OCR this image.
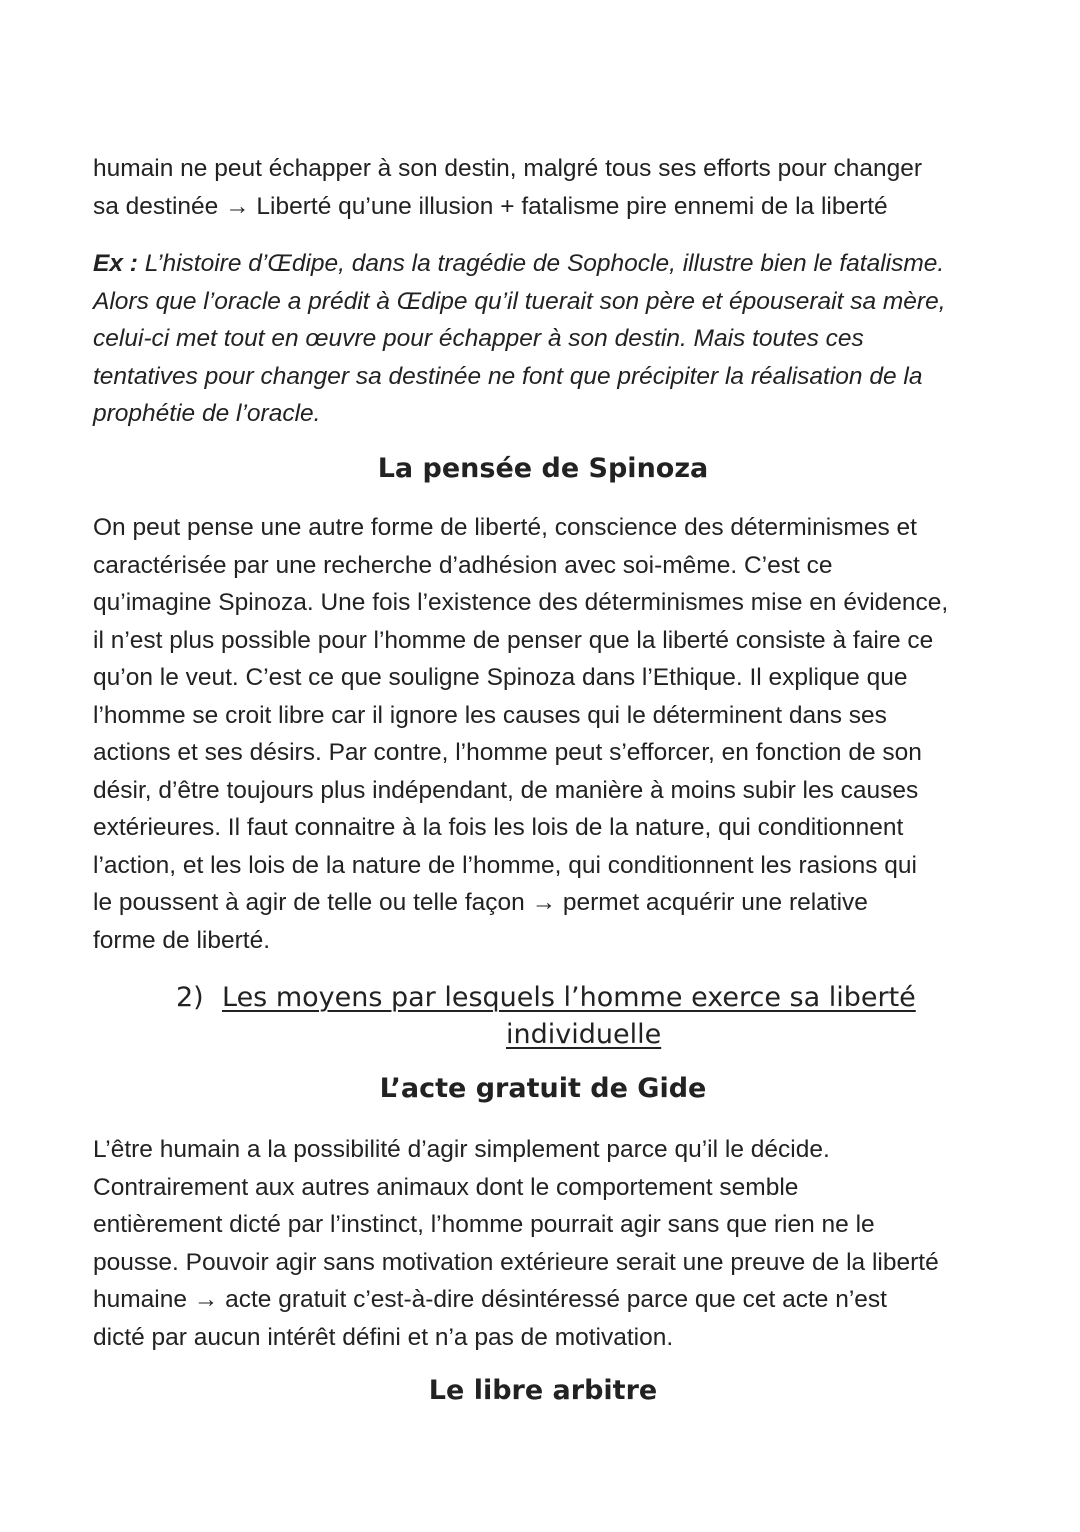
humain ne peut échapper à son destin, malgré tous ses efforts pour changer
sa destinée → Liberté qu’une illusion + fatalisme pire ennemi de la liberté

Ex : L’histoire d’Œdipe, dans la tragédie de Sophocle, illustre bien le fatalisme.
Alors que l’oracle a prédit à Œdipe qu’il tuerait son père et épouserait sa mère,
celui-ci met tout en œuvre pour échapper à son destin. Mais toutes ces
tentatives pour changer sa destinée ne font que précipiter la réalisation de la
prophétie de l’oracle.

La pensée de Spinoza

On peut pense une autre forme de liberté, conscience des déterminismes et
caractérisée par une recherche d’adhésion avec soi-même. C’est ce
qu’imagine Spinoza. Une fois l’existence des déterminismes mise en évidence,
il n’est plus possible pour l’homme de penser que la liberté consiste à faire ce
qu’on le veut. C’est ce que souligne Spinoza dans l’Ethique. Il explique que
l’homme se croit libre car il ignore les causes qui le déterminent dans ses
actions et ses désirs. Par contre, l’homme peut s’efforcer, en fonction de son
désir, d’être toujours plus indépendant, de manière à moins subir les causes
extérieures. Il faut connaitre à la fois les lois de la nature, qui conditionnent
l’action, et les lois de la nature de l’homme, qui conditionnent les rasions qui
le poussent à agir de telle ou telle façon → permet acquérir une relative
forme de liberté.

2) Les moyens par lesquels l’homme exerce sa liberté
individuelle
L’acte gratuit de Gide

L’être humain a la possibilité d’agir simplement parce qu’il le décide.
Contrairement aux autres animaux dont le comportement semble
entièrement dicté par l’instinct, l’homme pourrait agir sans que rien ne le
pousse. Pouvoir agir sans motivation extérieure serait une preuve de la liberté
humaine → acte gratuit c’est-à-dire désintéressé parce que cet acte n’est
dicté par aucun intérêt défini et n’a pas de motivation.

Le libre arbitre
